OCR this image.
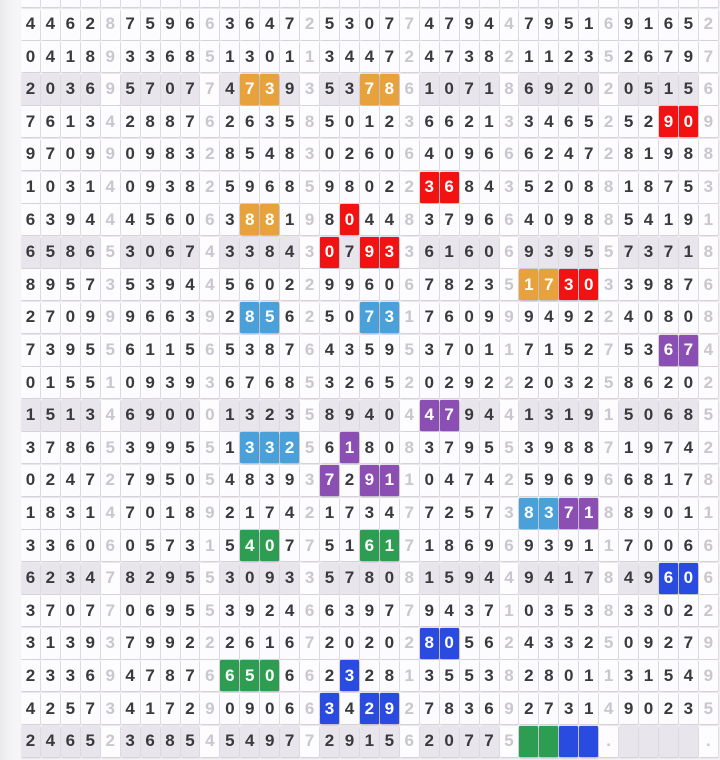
4 4 6 2 8 7 5 9 6 6 3 6 4 7 2 5 3 0 7 7 4 7 9 4 4 7 9 5 1 6 9 1 6 5 2
0 4 1 8 9 3 3 6 8 5 1 3 0 1 1 3 4 4 7 2 4 7 3 8 2 1 1 2 3 5 2 6 7 9 7
2 0 3 6 9 5 7 0 7 7 4 7 3 9 3 5 3 7 8 6 1 0 7 1 8 6 9 2 0 2 0 5 1 5 6
7 6 1 3 4 2 8 8 7 6 2 6 3 5 8 5 0 1 2 3 6 6 2 1 3 3 4 6 5 2 5 2 9 0 9
9 7 0 9 9 0 9 8 3 2 8 5 4 8 3 0 2 6 0 6 4 0 9 6 6 6 2 4 7 2 8 1 9 8 8
1 0 3 1 4 0 9 3 8 2 5 9 6 8 5 9 8 0 2 2 3 6 8 4 3 5 2 0 8 8 1 8 7 5 3
6 3 9 4 4 4 5 6 0 6 3 8 8 1 9 8 0 4 4 8 3 7 9 6 6 4 0 9 8 8 5 4 1 9 1
6 5 8 6 5 3 0 6 7 4 3 3 8 4 3 0 7 9 3 3 6 1 6 0 6 9 3 9 5 5 7 3 7 1 8
8 9 5 7 3 5 3 9 4 4 5 6 0 2 2 9 9 6 0 6 7 8 2 3 5 1 7 3 0 3 3 9 8 7 6
2 7 0 9 9 9 6 6 3 9 2 8 5 6 2 5 0 7 3 1 7 6 0 9 9 9 4 9 2 2 4 0 8 0 8
7 3 9 5 5 6 1 1 5 6 5 3 8 7 6 4 3 5 9 5 3 7 0 1 1 7 1 5 2 7 5 3 6 7 4
0 1 5 5 1 0 9 3 9 3 6 7 6 8 5 3 2 6 5 2 0 2 9 2 2 2 0 3 2 5 8 6 2 0 2
1 5 1 3 4 6 9 0 0 0 1 3 2 3 5 8 9 4 0 4 4 7 9 4 4 1 3 1 9 1 5 0 6 8 5
3 7 8 6 5 3 9 9 5 5 1 3 3 2 5 6 1 8 0 8 3 7 9 5 5 3 9 8 8 7 1 9 7 4 2
0 2 4 7 2 7 9 5 0 5 4 8 3 9 3 7 2 9 1 1 0 4 7 4 2 5 9 6 9 6 6 8 1 7 8
1 8 3 1 4 7 0 1 8 9 2 1 7 4 2 1 7 3 4 7 7 2 5 7 3 8 3 7 1 8 8 9 0 1 1
3 3 6 0 6 0 5 7 3 1 5 4 0 7 7 5 1 6 1 7 1 8 6 9 6 9 3 9 1 1 7 0 0 6 6
6 2 3 4 7 8 2 9 5 5 3 0 9 3 3 5 7 8 0 8 1 5 9 4 4 9 4 1 7 8 4 9 6 0 6
3 7 0 7 7 0 6 9 5 5 3 9 2 4 6 6 3 9 7 7 9 4 3 7 1 0 3 5 3 8 3 3 0 2 2
3 1 3 9 3 7 9 9 2 2 2 6 1 6 7 2 0 2 0 2 8 0 5 6 2 4 3 3 2 5 0 9 2 7 9
2 3 3 6 9 4 7 8 7 6 6 5 0 6 6 2 3 2 8 1 3 5 5 3 8 2 8 0 1 1 3 1 5 4 9
4 2 5 7 3 4 1 7 2 9 0 9 0 6 6 3 4 2 9 2 7 8 3 6 9 2 7 3 1 4 9 0 2 3 5
2 4 6 5 2 3 6 8 5 4 5 4 9 7 7 2 9 1 5 6 2 0 7 7 5	.	.
